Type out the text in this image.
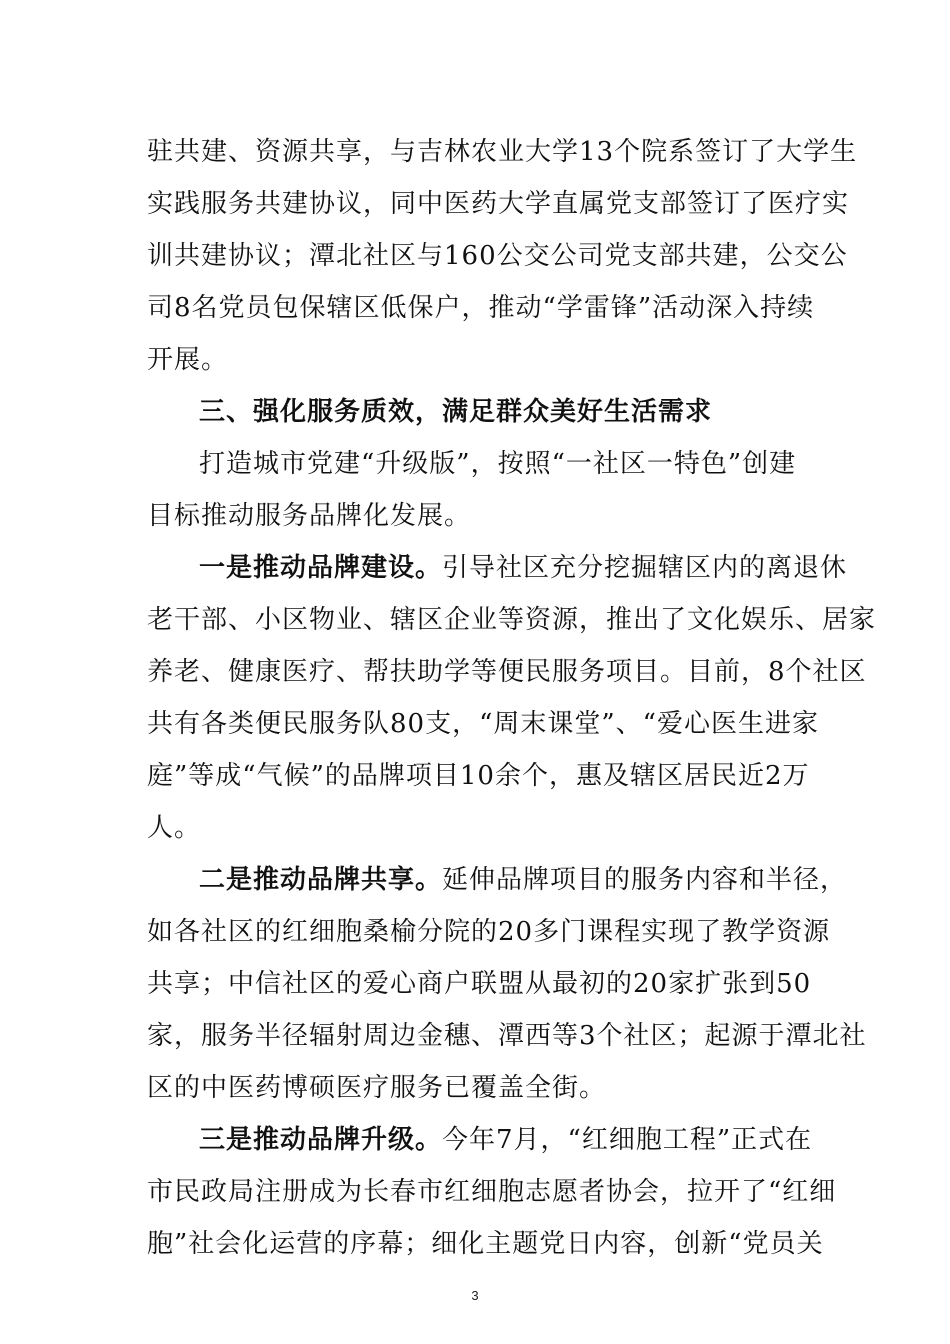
驻共建、资源共享，与吉林农业大学13个院系签订了大学生
实践服务共建协议，同中医药大学直属党支部签订了医疗实
训共建协议；潭北社区与160公交公司党支部共建，公交公
司8名党员包保辖区低保户，推动“学雷锋”活动深入持续
开展。
三、强化服务质效，满足群众美好生活需求
打造城市党建“升级版”，按照“一社区一特色”创建
目标推动服务品牌化发展。
一是推动品牌建设。引导社区充分挖掘辖区内的离退休
老干部、小区物业、辖区企业等资源，推出了文化娱乐、居家
养老、健康医疗、帮扶助学等便民服务项目。目前，8个社区
共有各类便民服务队80支，“周末课堂”、“爱心医生进家
庭”等成“气候”的品牌项目10余个，惠及辖区居民近2万
人。
二是推动品牌共享。延伸品牌项目的服务内容和半径，
如各社区的红细胞桑榆分院的20多门课程实现了教学资源
共享；中信社区的爱心商户联盟从最初的20家扩张到50
家，服务半径辐射周边金穗、潭西等3个社区；起源于潭北社
区的中医药博硕医疗服务已覆盖全街。
三是推动品牌升级。今年7月，“红细胞工程”正式在
市民政局注册成为长春市红细胞志愿者协会，拉开了“红细
胞”社会化运营的序幕；细化主题党日内容，创新“党员关
3
